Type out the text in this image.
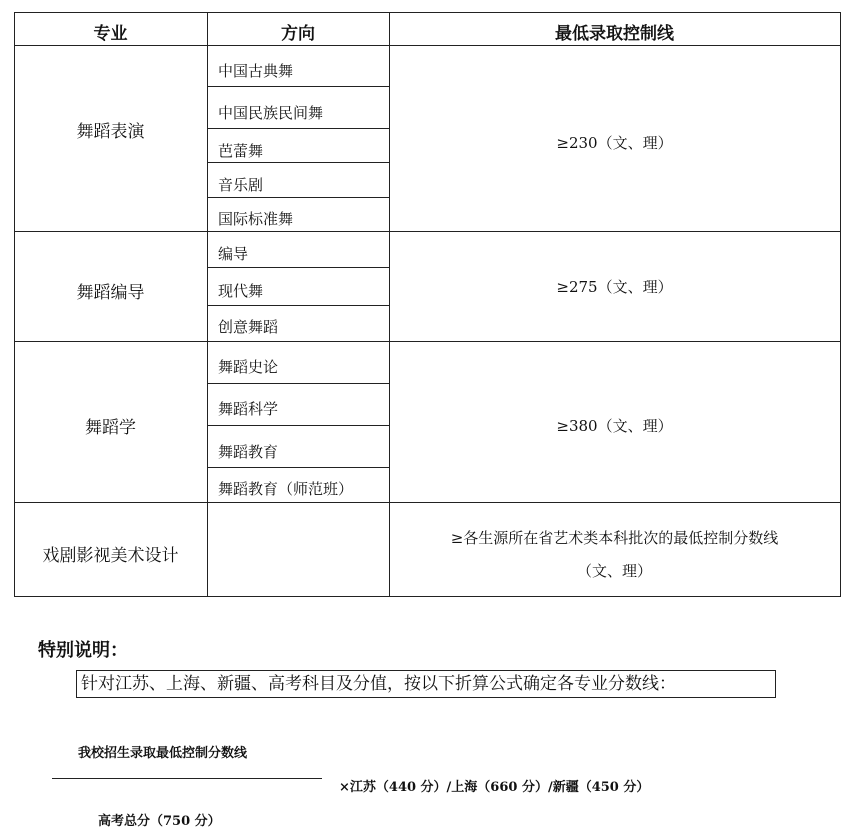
专业	方向	最低录取控制线
舞蹈表演
中国古典舞
中国民族民间舞
芭蕾舞
音乐剧
国际标准舞
≥230（文、理）
舞蹈编导
编导
现代舞
创意舞蹈
≥275（文、理）
舞蹈学
舞蹈史论
舞蹈科学
舞蹈教育
舞蹈教育（师范班）
≥380（文、理）
戏剧影视美术设计
≥各生源所在省艺术类本科批次的最低控制分数线
（文、理）
特别说明：
针对江苏、上海、新疆、高考科目及分值，按以下折算公式确定各专业分数线：
我校招生录取最低控制分数线
×江苏（440 分）/上海（660 分）/新疆（450 分）
高考总分（750 分）
